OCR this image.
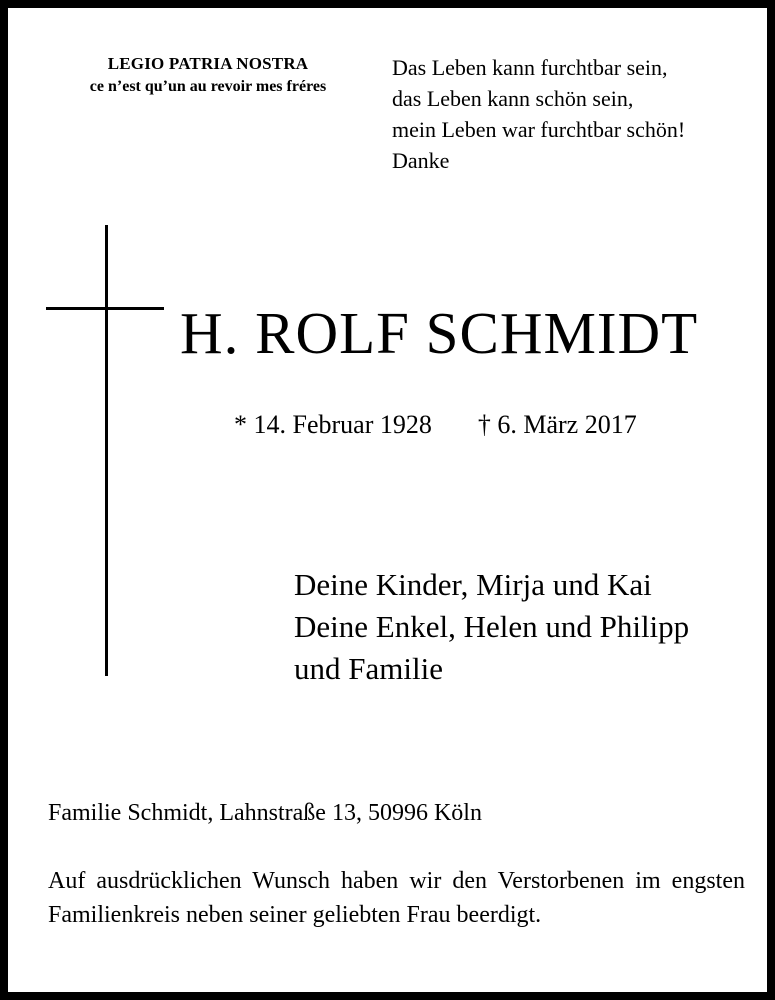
LEGIO PATRIA NOSTRA
ce n’est qu’un au revoir mes fréres
Das Leben kann furchtbar sein,
das Leben kann schön sein,
mein Leben war furchtbar schön!
Danke
H. ROLF SCHMIDT
* 14. Februar 1928 † 6. März 2017
Deine Kinder, Mirja und Kai
Deine Enkel, Helen und Philipp
und Familie
Familie Schmidt, Lahnstraße 13, 50996 Köln
Auf ausdrücklichen Wunsch haben wir den Verstorbenen im engsten Familienkreis neben seiner geliebten Frau beerdigt.
